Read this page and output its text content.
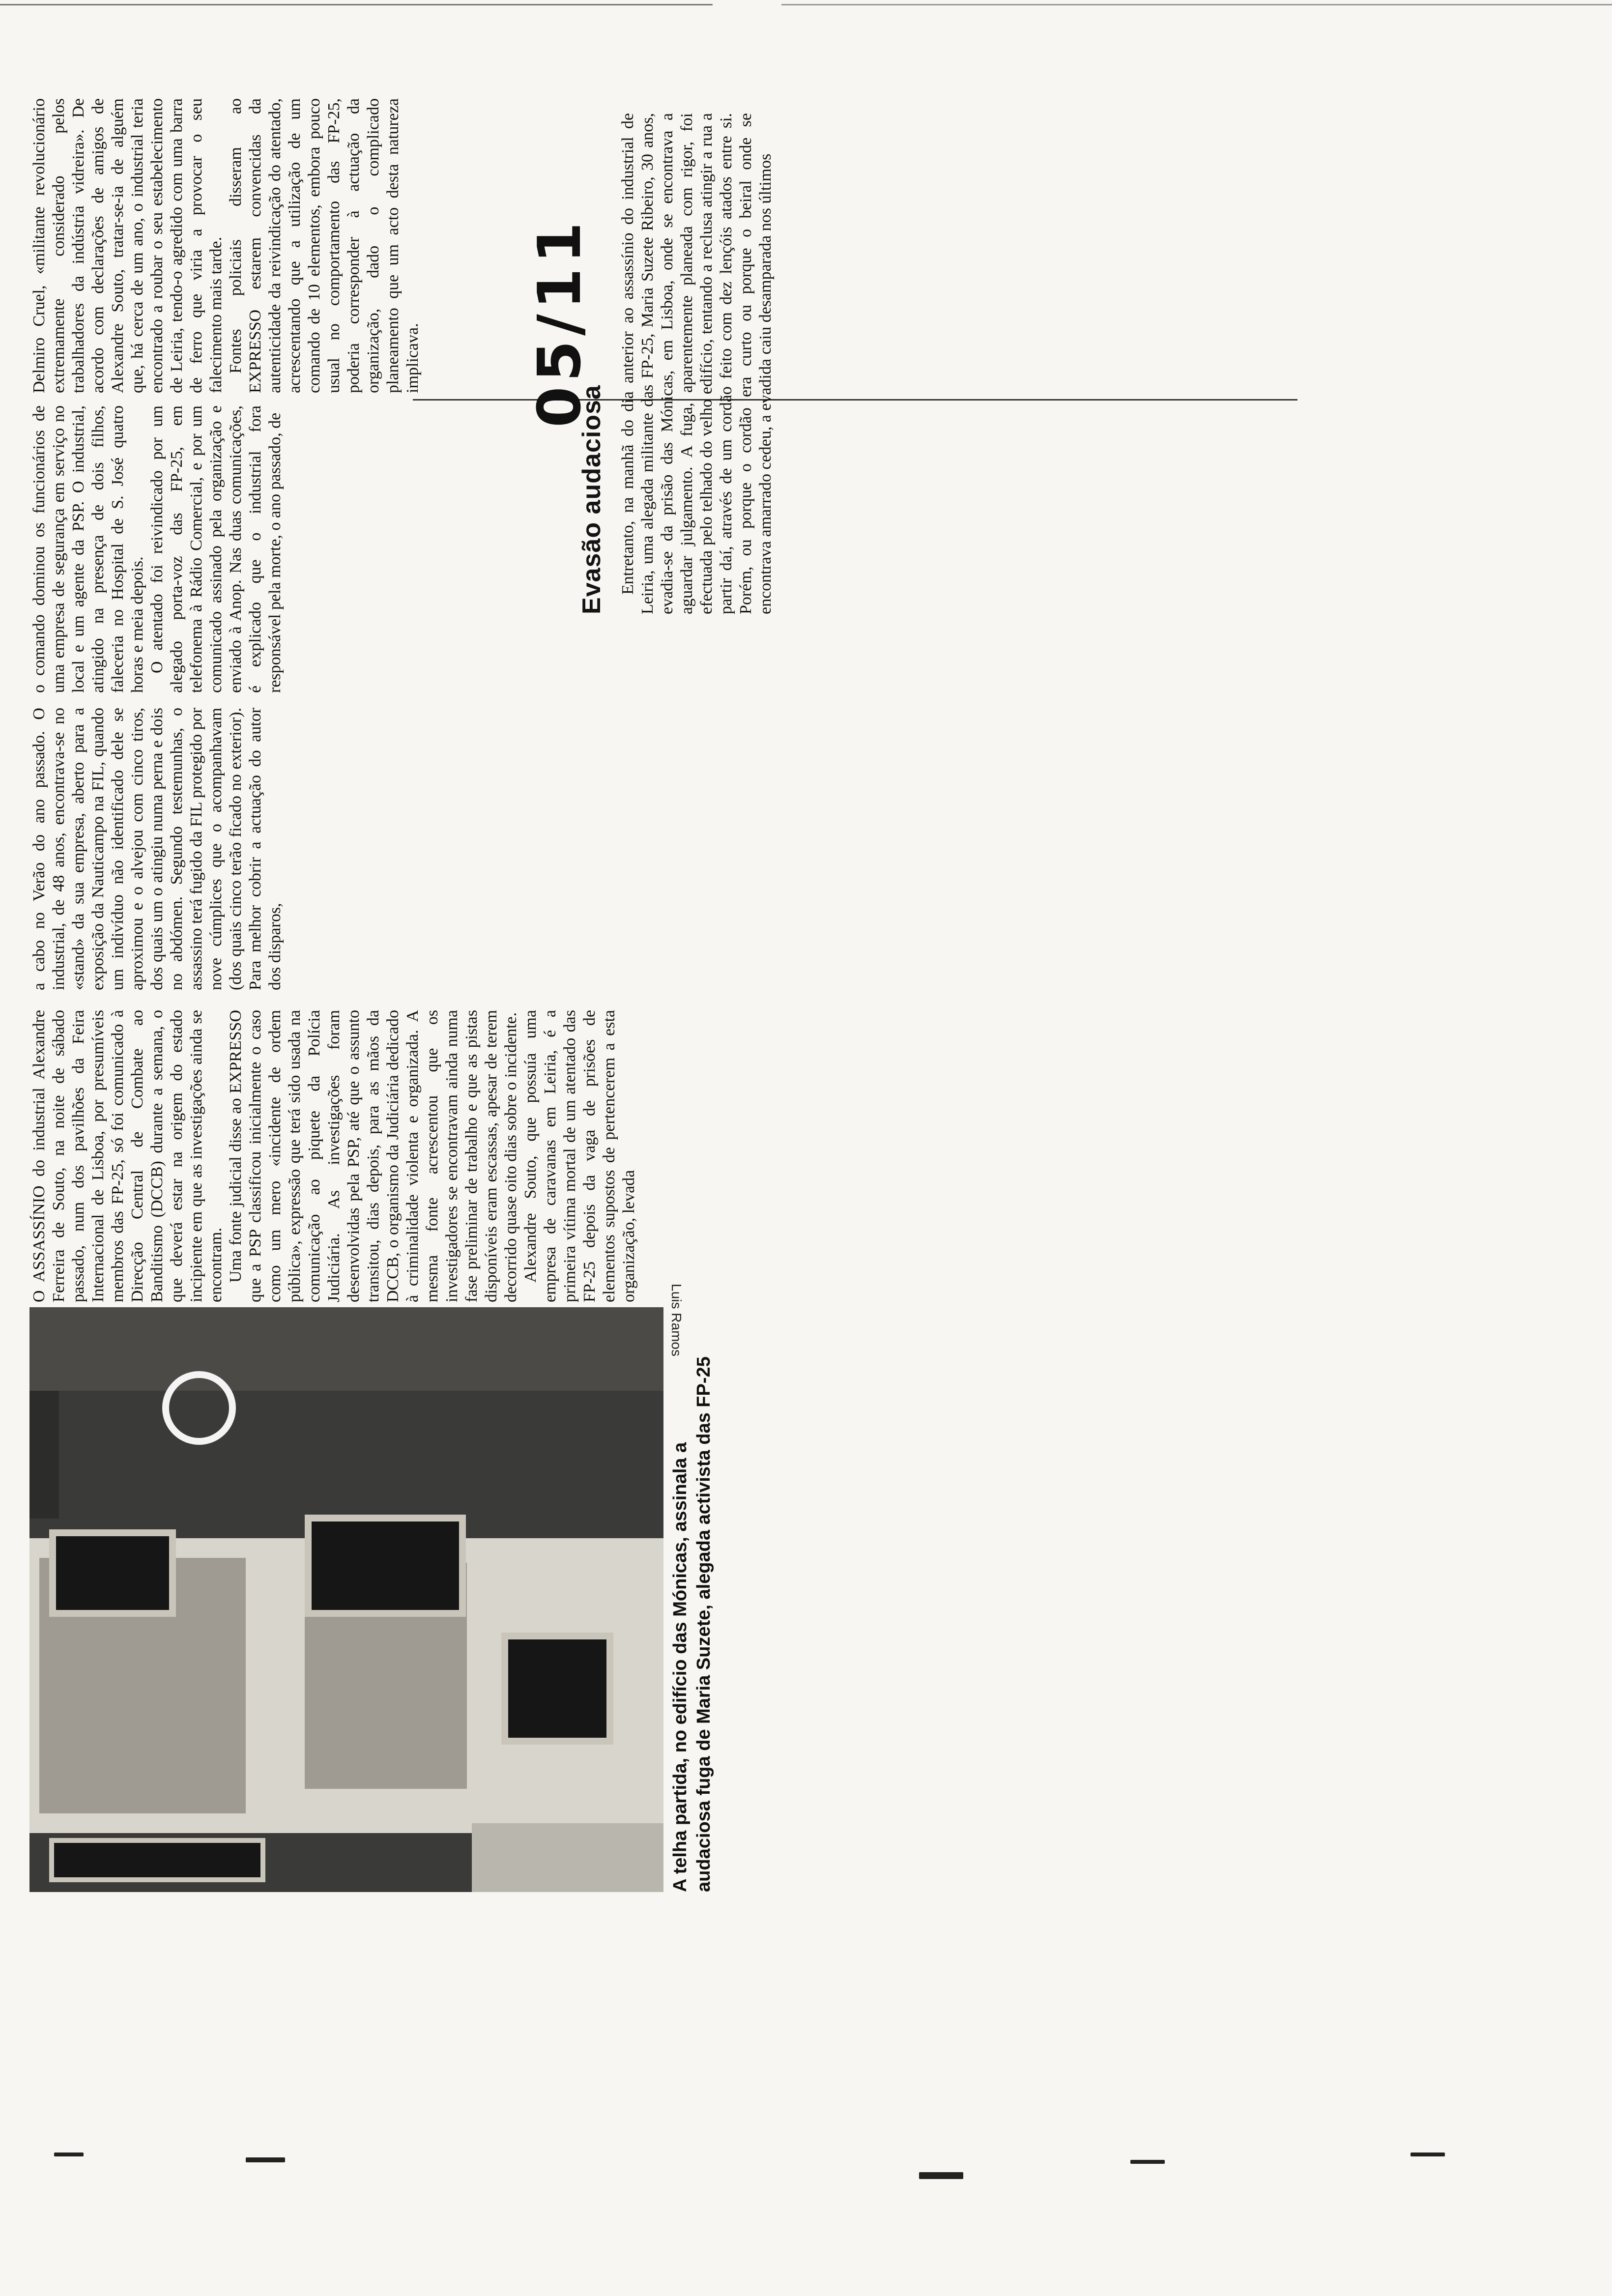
Luis Ramos
A telha partida, no edifício das Mónicas, assinala a audaciosa fuga de Maria Suzete, alegada activista das FP-25

O ASSASSÍNIO do industrial Alexandre Ferreira de Souto, na noite de sábado passado, num dos pavilhões da Feira Internacional de Lisboa, por presumíveis membros das FP-25, só foi comunicado à Direcção Central de Combate ao Banditismo (DCCB) durante a semana, o que deverá estar na origem do estado incipiente em que as investigações ainda se encontram. Uma fonte judicial disse ao EXPRESSO que a PSP classificou inicialmente o caso como um mero «incidente de ordem pública», expressão que terá sido usada na comunicação ao piquete da Polícia Judiciária. As investigações foram desenvolvidas pela PSP, até que o assunto transitou, dias depois, para as mãos da DCCB, o organismo da Judiciária dedicado à criminalidade violenta e organizada. A mesma fonte acrescentou que os investigadores se encontravam ainda numa fase preliminar de trabalho e que as pistas disponíveis eram escassas, apesar de terem decorrido quase oito dias sobre o incidente. Alexandre Souto, que possuía uma empresa de caravanas em Leiria, é a primeira vítima mortal de um atentado das FP-25 depois da vaga de prisões de elementos supostos de pertencerem a esta organização, levada

a cabo no Verão do ano passado. O industrial, de 48 anos, encontrava-se no «stand» da sua empresa, aberto para a exposição da Nauticampo na FIL, quando um indivíduo não identificado dele se aproximou e o alvejou com cinco tiros, dos quais um o atingiu numa perna e dois no abdómen. Segundo testemunhas, o assassino terá fugido da FIL protegido por nove cúmplices que o acompanhavam (dos quais cinco terão ficado no exterior). Para melhor cobrir a actuação do autor dos disparos,

o comando dominou os funcionários de uma empresa de segurança em serviço no local e um agente da PSP. O industrial, atingido na presença de dois filhos, faleceria no Hospital de S. José quatro horas e meia depois. O atentado foi reivindicado por um alegado porta-voz das FP-25, em telefonema à Rádio Comercial, e por um comunicado assinado pela organização e enviado à Anop. Nas duas comunicações, é explicado que o industrial fora responsável pela morte, o ano passado, de

Delmiro Cruel, «militante revolucionário extremamente considerado pelos trabalhadores da indústria vidreira». De acordo com declarações de amigos de Alexandre Souto, tratar-se-ia de alguém que, há cerca de um ano, o industrial teria encontrado a roubar o seu estabelecimento de Leiria, tendo-o agredido com uma barra de ferro que viria a provocar o seu falecimento mais tarde. Fontes policiais disseram ao EXPRESSO estarem convencidas da autenticidade da reivindicação do atentado, acrescentando que a utilização de um comando de 10 elementos, embora pouco usual no comportamento das FP-25, poderia corresponder à actuação da organização, dado o complicado planeamento que um acto desta natureza implicava.

Evasão audaciosa Entretanto, na manhã do dia anterior ao assassínio do industrial de Leiria, uma alegada militante das FP-25, Maria Suzete Ribeiro, 30 anos, evadia-se da prisão das Mónicas, em Lisboa, onde se encontrava a aguardar julgamento. A fuga, aparentemente planeada com rigor, foi efectuada pelo telhado do velho edifício, tentando a reclusa atingir a rua a partir daí, através de um cordão feito com dez lençóis atados entre si. Porém, ou porque o cordão era curto ou porque o beiral onde se encontrava amarrado cedeu, a evadida caiu desamparada nos últimos

05/11
